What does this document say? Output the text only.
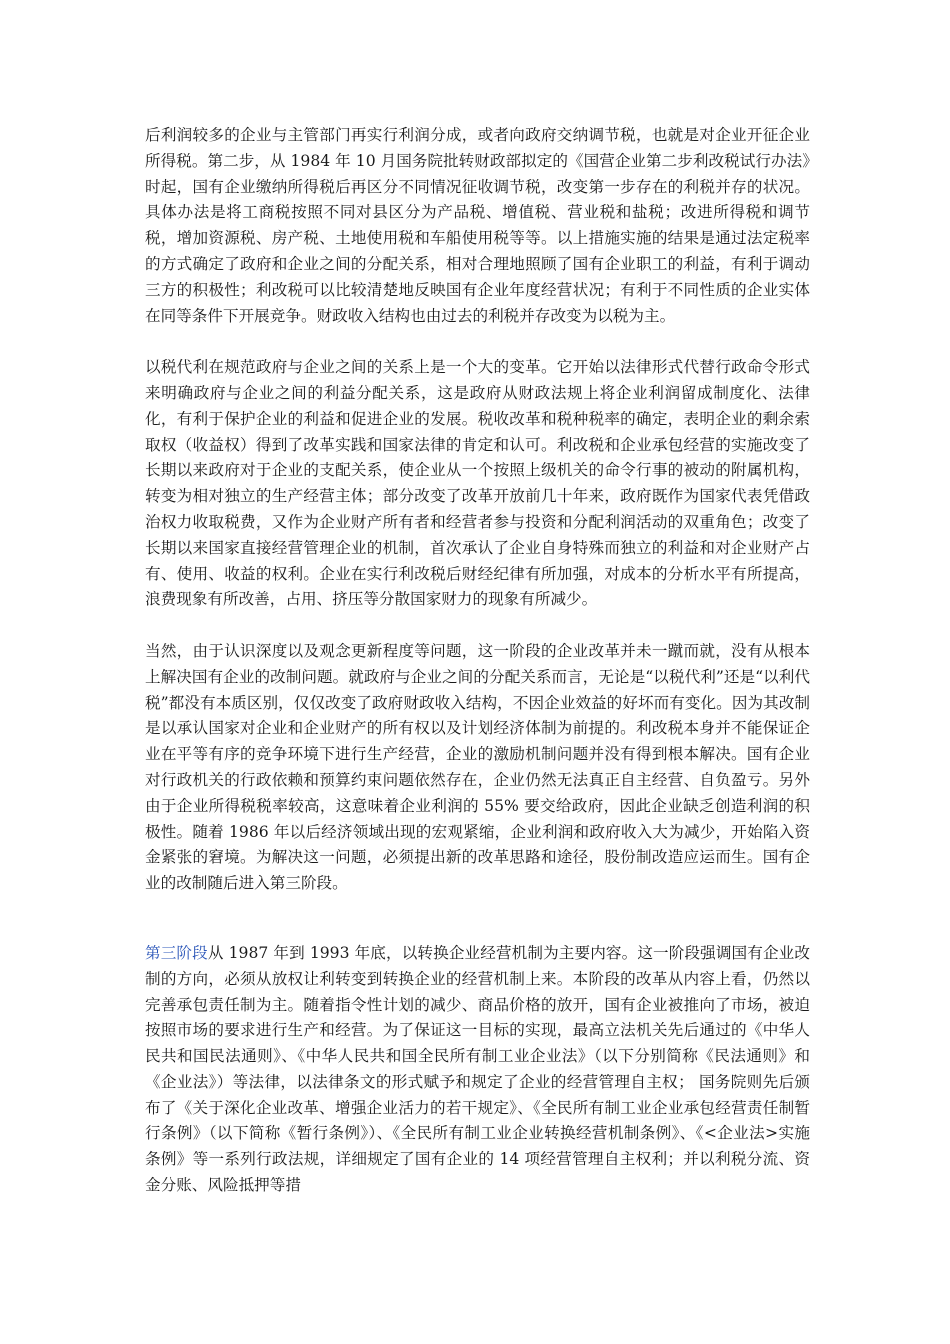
后利润较多的企业与主管部门再实行利润分成，或者向政府交纳调节税，也就是对企业开征企业所得税。第二步，从 1984 年 10 月国务院批转财政部拟定的《国营企业第二步利改税试行办法》时起，国有企业缴纳所得税后再区分不同情况征收调节税，改变第一步存在的利税并存的状况。具体办法是将工商税按照不同对县区分为产品税、增值税、营业税和盐税；改进所得税和调节税，增加资源税、房产税、土地使用税和车船使用税等等。以上措施实施的结果是通过法定税率的方式确定了政府和企业之间的分配关系，相对合理地照顾了国有企业职工的利益，有利于调动三方的积极性；利改税可以比较清楚地反映国有企业年度经营状况；有利于不同性质的企业实体在同等条件下开展竞争。财政收入结构也由过去的利税并存改变为以税为主。

以税代利在规范政府与企业之间的关系上是一个大的变革。它开始以法律形式代替行政命令形式来明确政府与企业之间的利益分配关系，这是政府从财政法规上将企业利润留成制度化、法律化，有利于保护企业的利益和促进企业的发展。税收改革和税种税率的确定，表明企业的剩余索取权（收益权）得到了改革实践和国家法律的肯定和认可。利改税和企业承包经营的实施改变了长期以来政府对于企业的支配关系，使企业从一个按照上级机关的命令行事的被动的附属机构，转变为相对独立的生产经营主体；部分改变了改革开放前几十年来，政府既作为国家代表凭借政治权力收取税费，又作为企业财产所有者和经营者参与投资和分配利润活动的双重角色；改变了长期以来国家直接经营管理企业的机制，首次承认了企业自身特殊而独立的利益和对企业财产占有、使用、收益的权利。企业在实行利改税后财经纪律有所加强，对成本的分析水平有所提高，浪费现象有所改善，占用、挤压等分散国家财力的现象有所减少。

当然，由于认识深度以及观念更新程度等问题，这一阶段的企业改革并未一蹴而就，没有从根本上解决国有企业的改制问题。就政府与企业之间的分配关系而言，无论是“以税代利”还是“以利代税”都没有本质区别，仅仅改变了政府财政收入结构，不因企业效益的好坏而有变化。因为其改制是以承认国家对企业和企业财产的所有权以及计划经济体制为前提的。利改税本身并不能保证企业在平等有序的竞争环境下进行生产经营，企业的激励机制问题并没有得到根本解决。国有企业对行政机关的行政依赖和预算约束问题依然存在，企业仍然无法真正自主经营、自负盈亏。另外由于企业所得税税率较高，这意味着企业利润的 55% 要交给政府，因此企业缺乏创造利润的积极性。随着 1986 年以后经济领域出现的宏观紧缩，企业利润和政府收入大为减少，开始陷入资金紧张的窘境。为解决这一问题，必须提出新的改革思路和途径，股份制改造应运而生。国有企业的改制随后进入第三阶段。

第三阶段从 1987 年到 1993 年底，以转换企业经营机制为主要内容。这一阶段强调国有企业改制的方向，必须从放权让利转变到转换企业的经营机制上来。本阶段的改革从内容上看，仍然以完善承包责任制为主。随着指令性计划的减少、商品价格的放开，国有企业被推向了市场，被迫按照市场的要求进行生产和经营。为了保证这一目标的实现，最高立法机关先后通过的《中华人民共和国民法通则》、《中华人民共和国全民所有制工业企业法》（以下分别简称《民法通则》和《企业法》）等法律，以法律条文的形式赋予和规定了企业的经营管理自主权； 国务院则先后颁布了《关于深化企业改革、增强企业活力的若干规定》、《全民所有制工业企业承包经营责任制暂行条例》（以下简称《暂行条例》）、《全民所有制工业企业转换经营机制条例》、《<企业法>实施条例》等一系列行政法规，详细规定了国有企业的 14 项经营管理自主权利；并以利税分流、资金分账、风险抵押等措
